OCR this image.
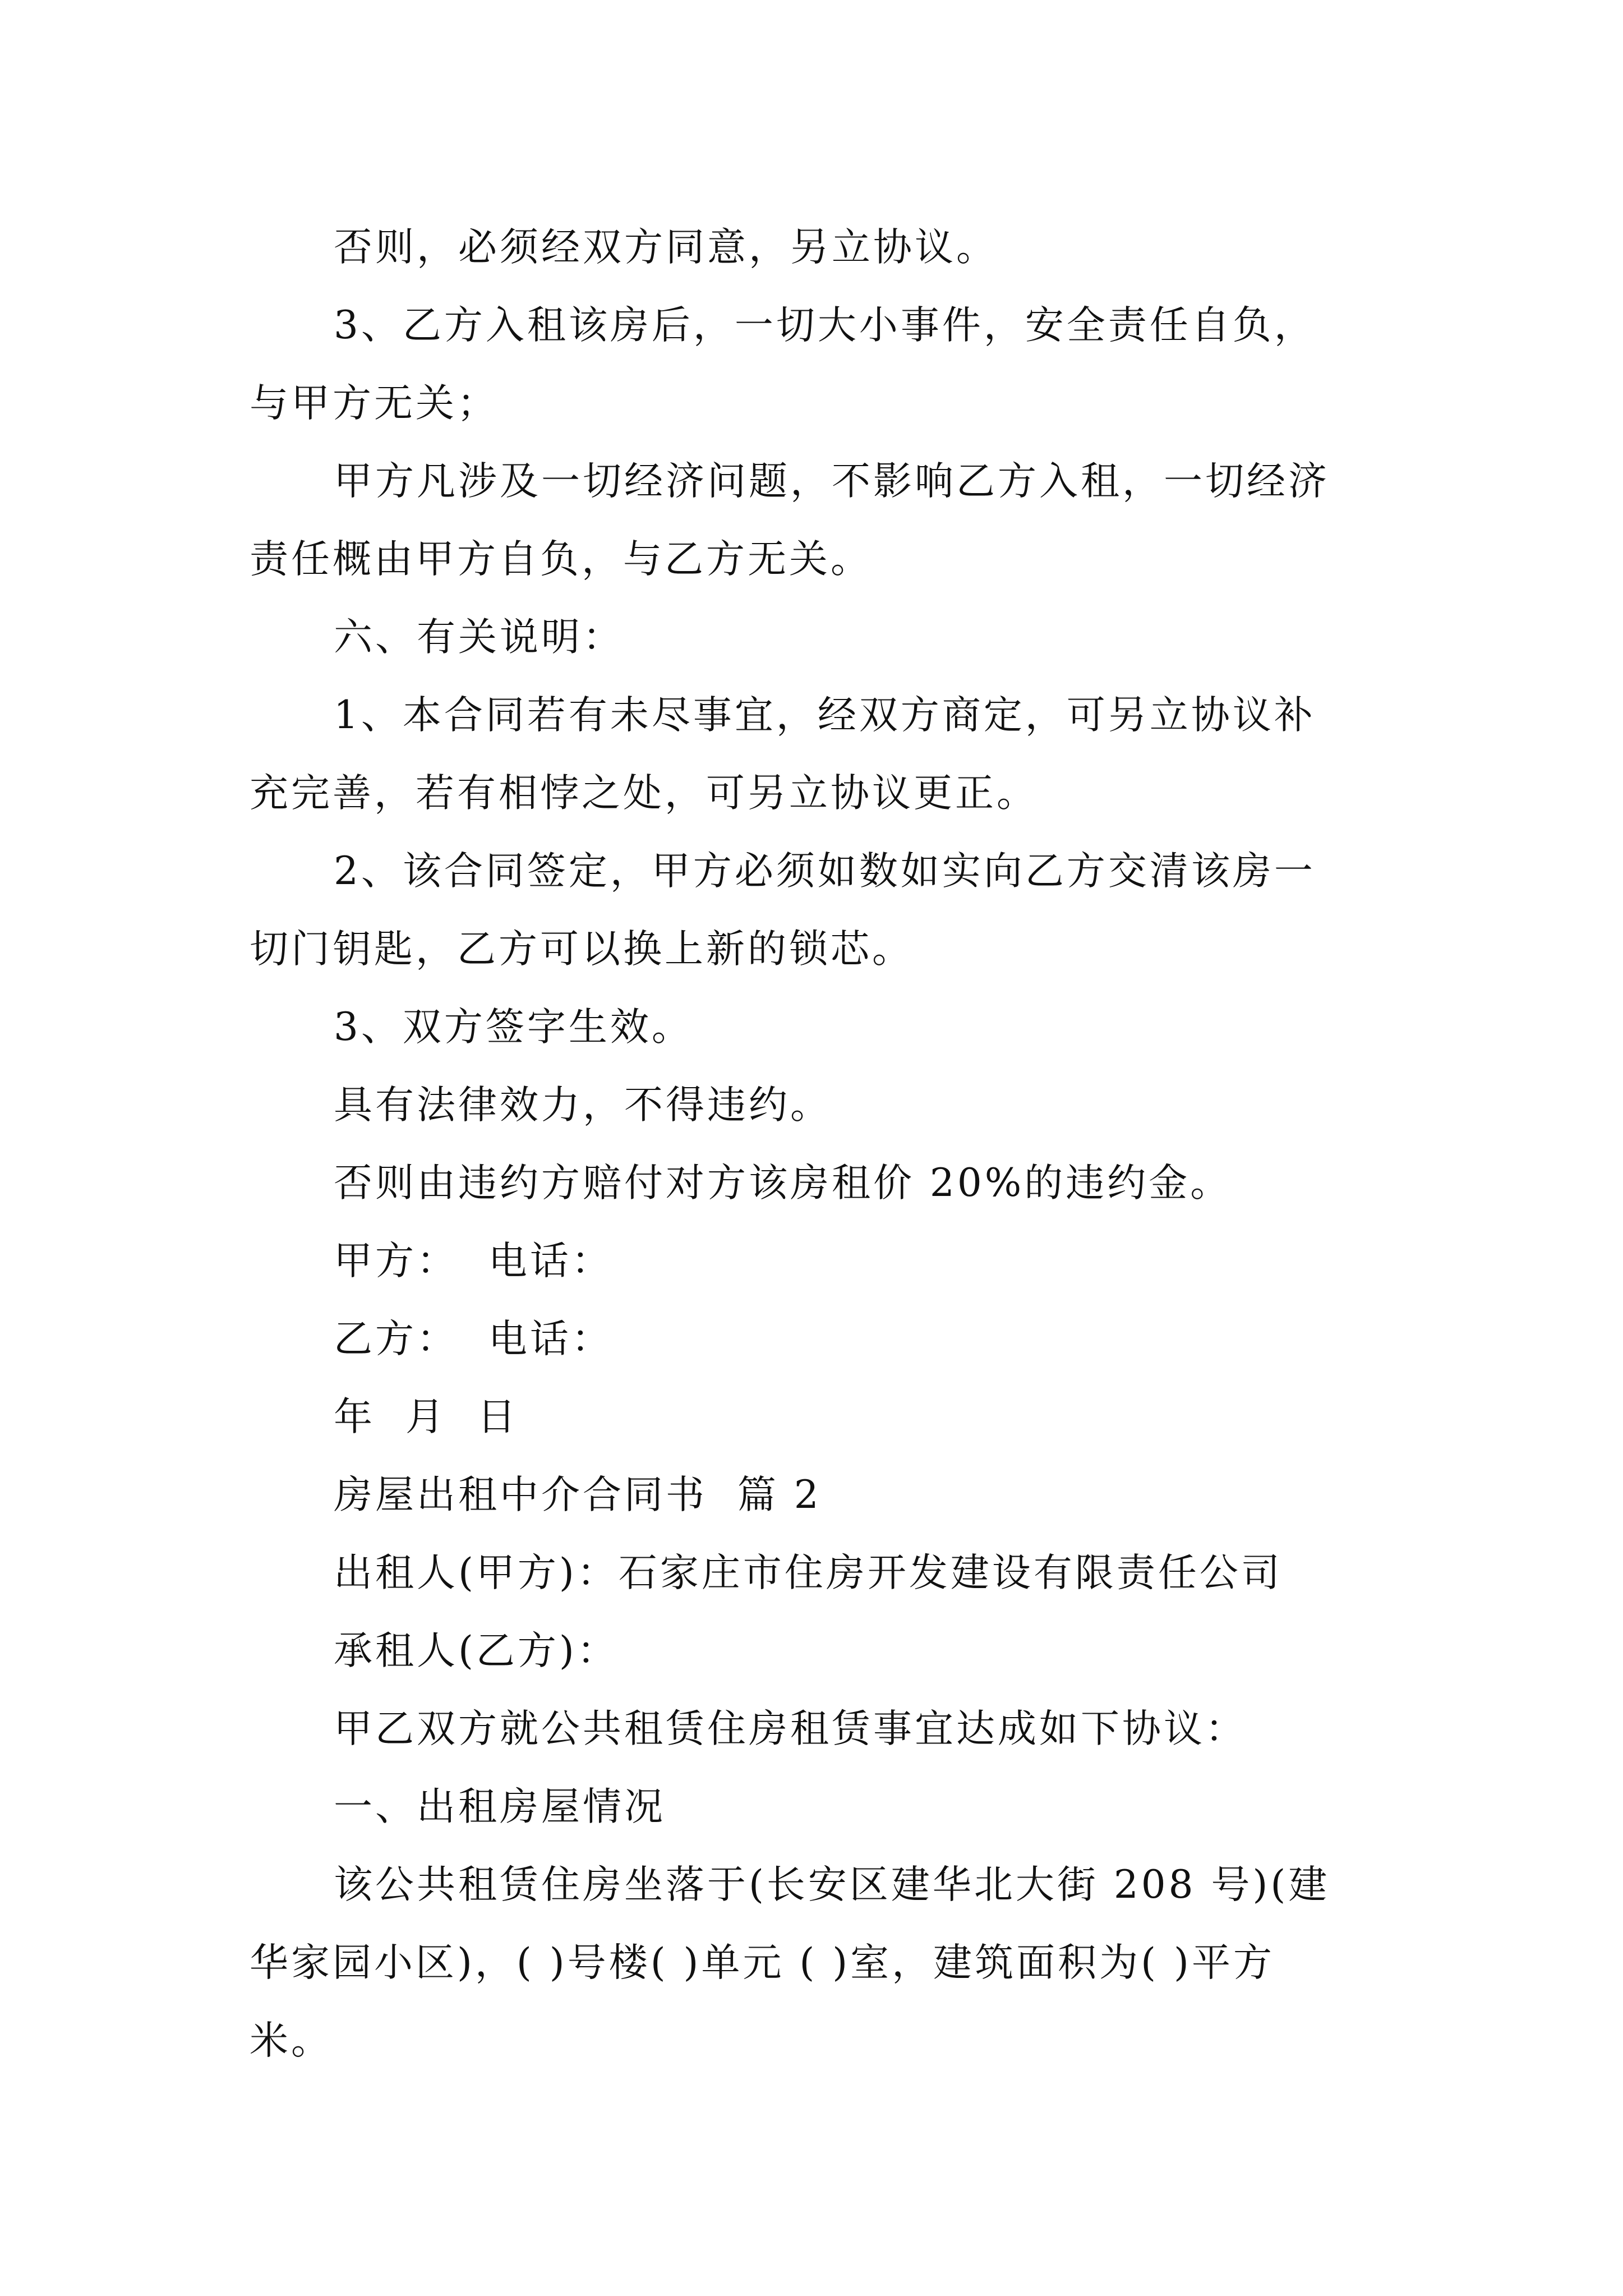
否则，必须经双方同意，另立协议。

3、乙方入租该房后，一切大小事件，安全责任自负，
与甲方无关；

甲方凡涉及一切经济问题，不影响乙方入租，一切经济
责任概由甲方自负，与乙方无关。

六、有关说明：

1、本合同若有未尽事宜，经双方商定，可另立协议补
充完善，若有相悖之处，可另立协议更正。

2、该合同签定，甲方必须如数如实向乙方交清该房一
切门钥匙，乙方可以换上新的锁芯。

3、双方签字生效。

具有法律效力，不得违约。

否则由违约方赔付对方该房租价 20%的违约金。

甲方：  电话：

乙方：  电话：

年  月  日

房屋出租中介合同书  篇 2

出租人(甲方)：石家庄市住房开发建设有限责任公司

承租人(乙方)：

甲乙双方就公共租赁住房租赁事宜达成如下协议：

一、出租房屋情况

该公共租赁住房坐落于(长安区建华北大街 208 号)(建
华家园小区)，( )号楼( )单元 ( )室，建筑面积为( )平方
米。
